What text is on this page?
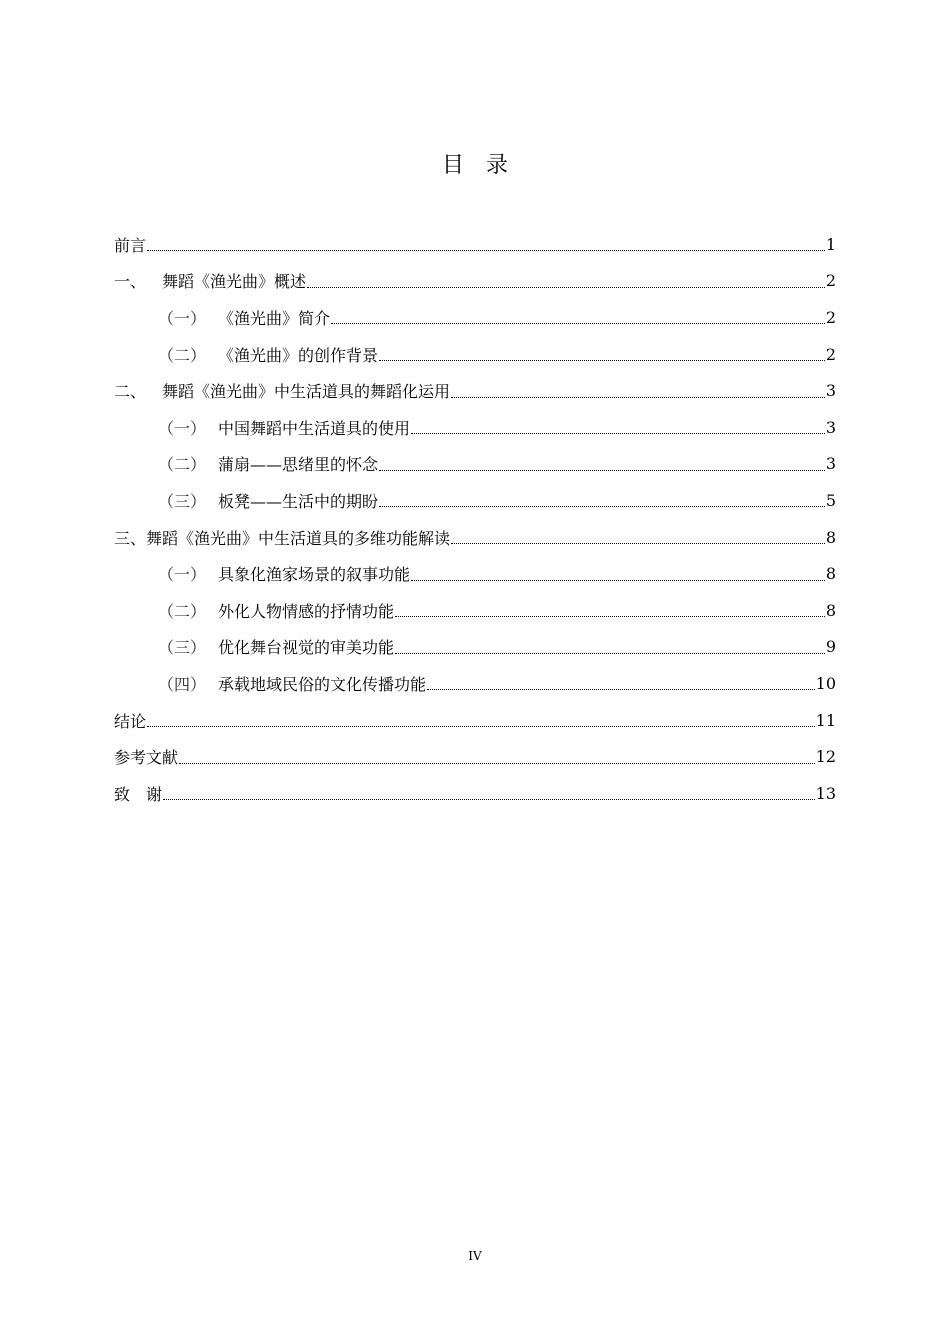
目　录
前言	1
一、 舞蹈《渔光曲》概述	2
（一） 《渔光曲》简介	2
（二） 《渔光曲》的创作背景	2
二、 舞蹈《渔光曲》中生活道具的舞蹈化运用	3
（一） 中国舞蹈中生活道具的使用	3
（二） 蒲扇——思绪里的怀念	3
（三） 板凳——生活中的期盼	5
三、舞蹈《渔光曲》中生活道具的多维功能解读	8
（一） 具象化渔家场景的叙事功能	8
（二） 外化人物情感的抒情功能	8
（三） 优化舞台视觉的审美功能	9
（四） 承载地域民俗的文化传播功能	10
结论	11
参考文献	12
致　谢	13
IV
